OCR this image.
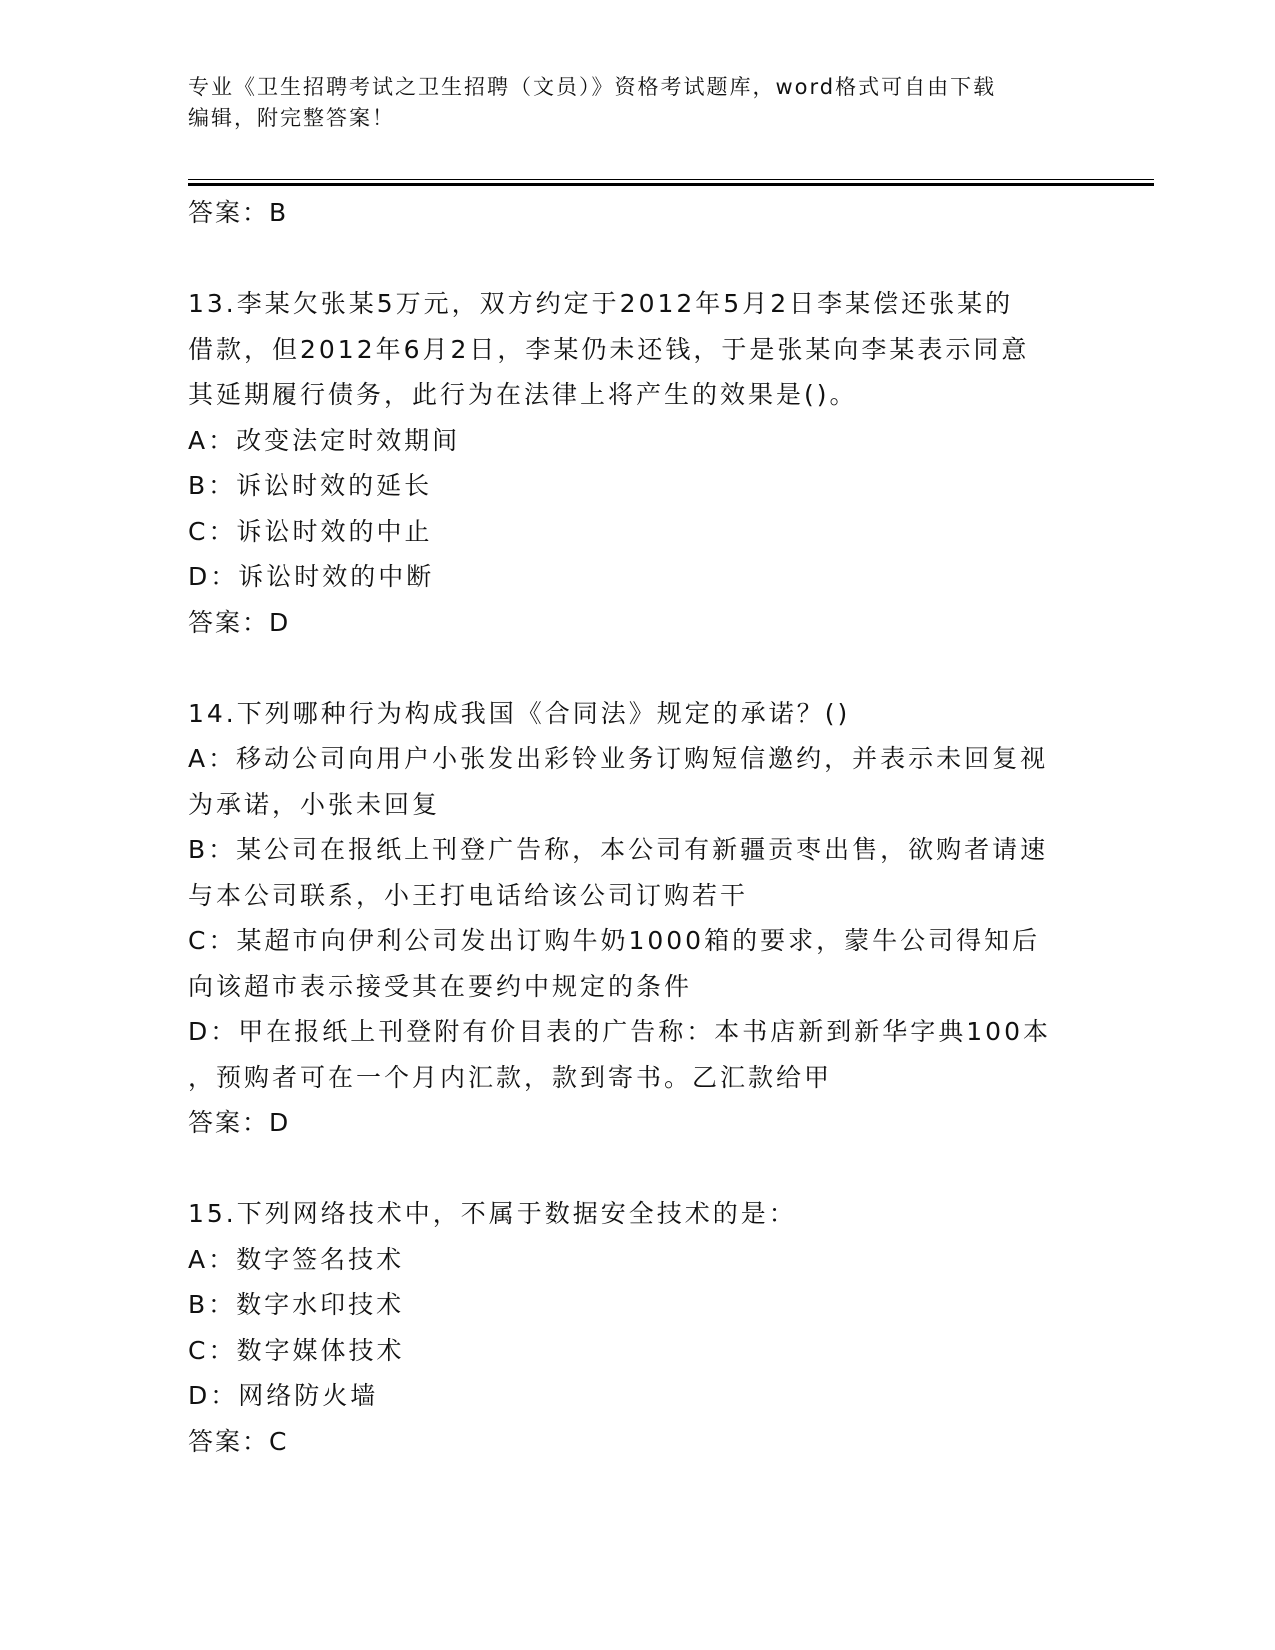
专业《卫生招聘考试之卫生招聘（文员）》资格考试题库，word格式可自由下载
编辑，附完整答案！
答案：B
13.李某欠张某5万元，双方约定于2012年5月2日李某偿还张某的
借款，但2012年6月2日，李某仍未还钱，于是张某向李某表示同意
其延期履行债务，此行为在法律上将产生的效果是()。
A：改变法定时效期间
B：诉讼时效的延长
C：诉讼时效的中止
D：诉讼时效的中断
答案：D
14.下列哪种行为构成我国《合同法》规定的承诺？()
A：移动公司向用户小张发出彩铃业务订购短信邀约，并表示未回复视
为承诺，小张未回复
B：某公司在报纸上刊登广告称，本公司有新疆贡枣出售，欲购者请速
与本公司联系，小王打电话给该公司订购若干
C：某超市向伊利公司发出订购牛奶1000箱的要求，蒙牛公司得知后
向该超市表示接受其在要约中规定的条件
D：甲在报纸上刊登附有价目表的广告称：本书店新到新华字典100本
，预购者可在一个月内汇款，款到寄书。乙汇款给甲
答案：D
15.下列网络技术中，不属于数据安全技术的是：
A：数字签名技术
B：数字水印技术
C：数字媒体技术
D：网络防火墙
答案：C
